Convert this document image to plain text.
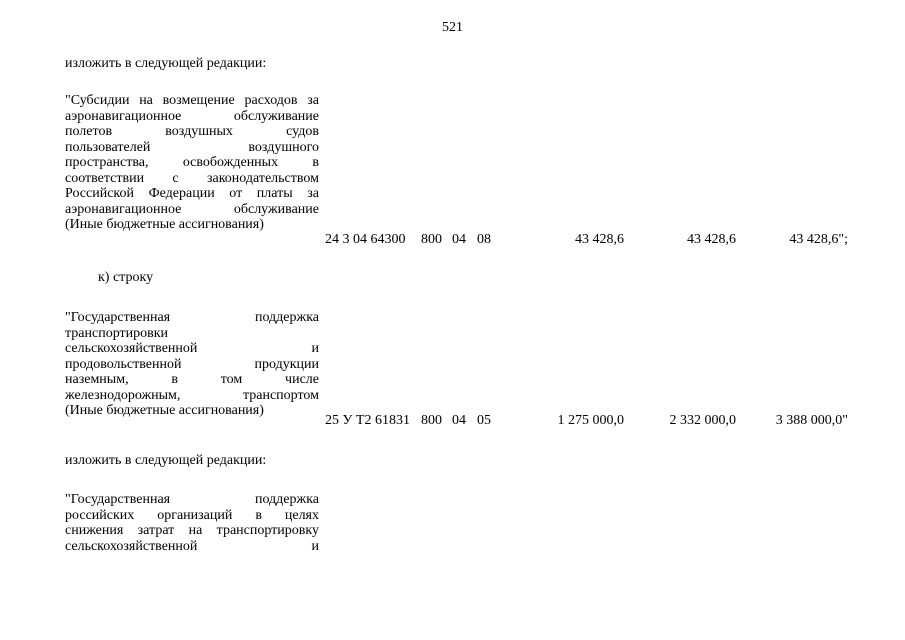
521
изложить в следующей редакции:
"Субсидии на возмещение расходов за
аэронавигационное обслуживание
полетов воздушных судов
пользователей воздушного
пространства, освобожденных в
соответствии с законодательством
Российской Федерации от платы за
аэронавигационное обслуживание
(Иные бюджетные ассигнования)
24 3 04 64300 800 04 08	43 428,6	43 428,6	43 428,6";
к) строку
"Государственная поддержка
транспортировки
сельскохозяйственной и
продовольственной продукции
наземным, в том числе
железнодорожным, транспортом
(Иные бюджетные ассигнования)
25 У Т2 61831 800 04 05	1 275 000,0	2 332 000,0	3 388 000,0"
изложить в следующей редакции:
"Государственная поддержка
российских организаций в целях
снижения затрат на транспортировку
сельскохозяйственной и
